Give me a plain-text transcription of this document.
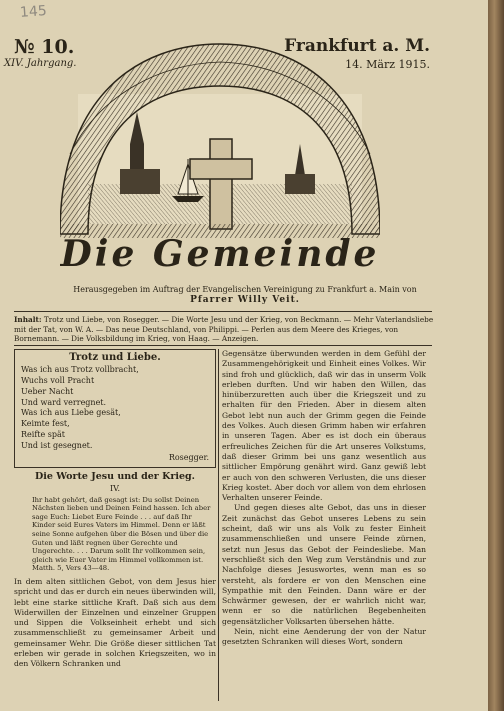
145
№ 10.
XIV. Jahrgang.
Frankfurt a. M.
14. März 1915.
Die Gemeinde
Herausgegeben im Auftrag der Evangelischen Vereinigung zu Frankfurt a. Main von
Pfarrer Willy Veit.
Inhalt: Trotz und Liebe, von Rosegger. — Die Worte Jesu und der Krieg, von Beckmann. — Mehr Vaterlandsliebe mit der Tat, von W. A. — Das neue Deutschland, von Philippi. — Perlen aus dem Meere des Krieges, von Bornemann. — Die Volksbildung im Krieg, von Haag. — Anzeigen.
Trotz und Liebe.
Was ich aus Trotz vollbracht,
Wuchs voll Pracht
Ueber Nacht
Und ward verregnet.
Was ich aus Liebe gesät,
Keimte fest,
Reifte spät
Und ist gesegnet.
Rosegger.
Die Worte Jesu und der Krieg.
IV.
Ihr habt gehört, daß gesagt ist: Du sollst Deinen Nächsten lieben und Deinen Feind hassen. Ich aber sage Euch: Liebet Eure Feinde . . . auf daß Ihr Kinder seid Eures Vaters im Himmel. Denn er läßt seine Sonne aufgehen über die Bösen und über die Guten und läßt regnen über Gerechte und Ungerechte. . . . Darum sollt Ihr vollkommen sein, gleich wie Euer Vater im Himmel vollkommen ist. Matth. 5, Vers 43—48.

In dem alten sittlichen Gebot, von dem Jesus hier spricht und das er durch ein neues überwinden will, lebt eine starke sittliche Kraft. Daß sich aus dem Widerwillen der Einzelnen und einzelner Gruppen und Sippen die Volkseinheit erhebt und sich zusammenschließt zu gemeinsamer Arbeit und gemeinsamer Wehr. Die Größe dieser sittlichen Tat erleben wir gerade in solchen Kriegszeiten, wo in den Völkern Schranken und

Gegensätze überwunden werden in dem Gefühl der Zusammengehörigkeit und Einheit eines Volkes. Wir sind froh und glücklich, daß wir das in unserm Volk erleben durften. Und wir haben den Willen, das hinüberzuretten auch über die Kriegszeit und zu erhalten für den Frieden. Aber in diesem alten Gebot lebt nun auch der Grimm gegen die Feinde des Volkes. Auch diesen Grimm haben wir erfahren in unseren Tagen. Aber es ist doch ein überaus erfreuliches Zeichen für die Art unseres Volkstums, daß dieser Grimm bei uns ganz wesentlich aus sittlicher Empörung genährt wird. Ganz gewiß lebt er auch von den schweren Verlusten, die uns dieser Krieg kostet. Aber doch vor allem von dem ehrlosen Verhalten unserer Feinde.

Und gegen dieses alte Gebot, das uns in dieser Zeit zunächst das Gebot unseres Lebens zu sein scheint, daß wir uns als Volk zu fester Einheit zusammenschließen und unsere Feinde zürnen, setzt nun Jesus das Gebot der Feindesliebe. Man verschließt sich den Weg zum Verständnis und zur Nachfolge dieses Jesuswortes, wenn man es so versteht, als fordere er von den Menschen eine Sympathie mit den Feinden. Dann wäre er der Schwärmer gewesen, der er wahrlich nicht war, wenn er so die natürlichen Begebenheiten gegensätzlicher Volksarten übersehen hätte.

Nein, nicht eine Aenderung der von der Natur gesetzten Schranken will dieses Wort, sondern
